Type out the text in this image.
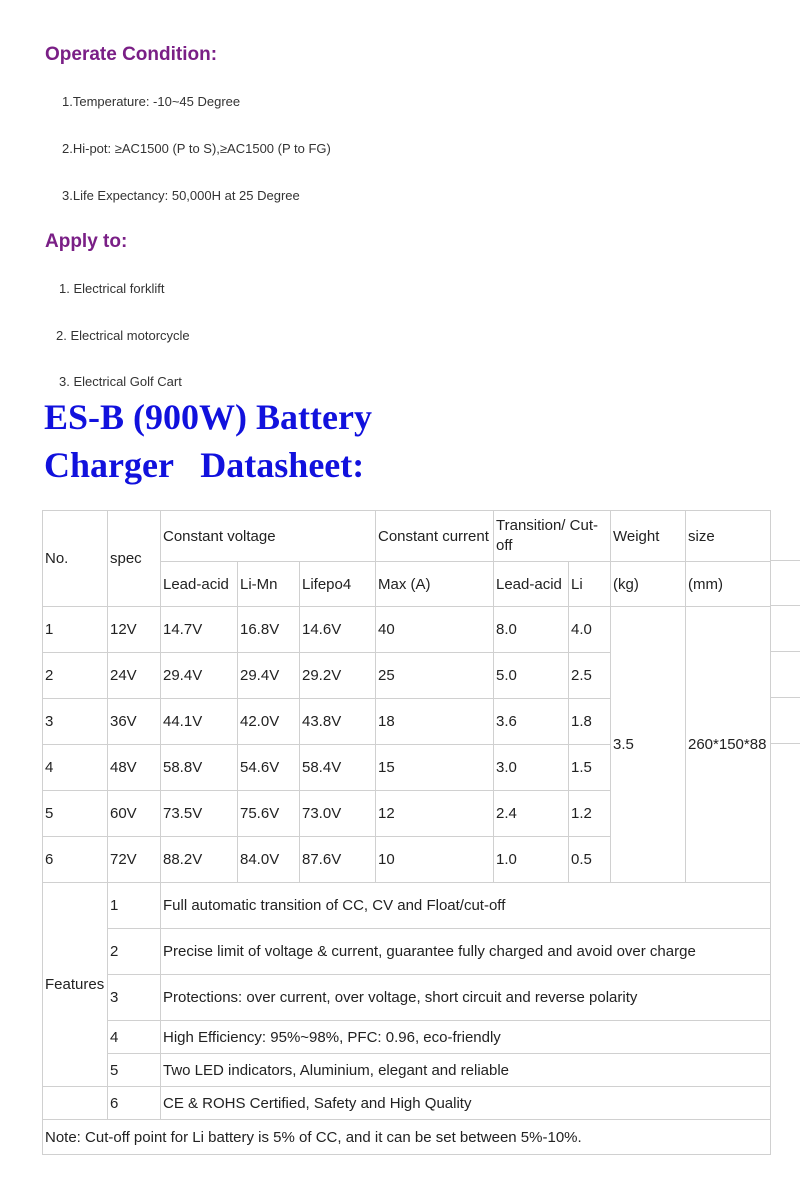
Operate Condition:

1.Temperature: -10~45 Degree

2.Hi-pot: ≥AC1500 (P to S),≥AC1500 (P to FG)

3.Life Expectancy: 50,000H at 25 Degree

Apply to:

1. Electrical forklift

2. Electrical motorcycle

3. Electrical Golf Cart

ES-B (900W) Battery
Charger   Datasheet:
No.	spec	Constant voltage			Constant current	Transition/ Cut-off		Weight	size
		Lead-acid	Li-Mn	Lifepo4	Max (A)	Lead-acid	Li	(kg)	(mm)
1	12V	14.7V	16.8V	14.6V	40	8.0	4.0	3.5	260*150*88
2	24V	29.4V	29.4V	29.2V	25	5.0	2.5		
3	36V	44.1V	42.0V	43.8V	18	3.6	1.8		
4	48V	58.8V	54.6V	58.4V	15	3.0	1.5		
5	60V	73.5V	75.6V	73.0V	12	2.4	1.2		
6	72V	88.2V	84.0V	87.6V	10	1.0	0.5		
Features	1	Full automatic transition of CC, CV and Float/cut-off							
	2	Precise limit of voltage & current, guarantee fully charged and avoid over charge							
	3	Protections: over current, over voltage, short circuit and reverse polarity							
	4	High Efficiency: 95%~98%, PFC: 0.96, eco-friendly							
	5	Two LED indicators, Aluminium, elegant and reliable							
	6	CE & ROHS Certified, Safety and High Quality							
Note: Cut-off point for Li battery is 5% of CC, and it can be set between 5%-10%.									
